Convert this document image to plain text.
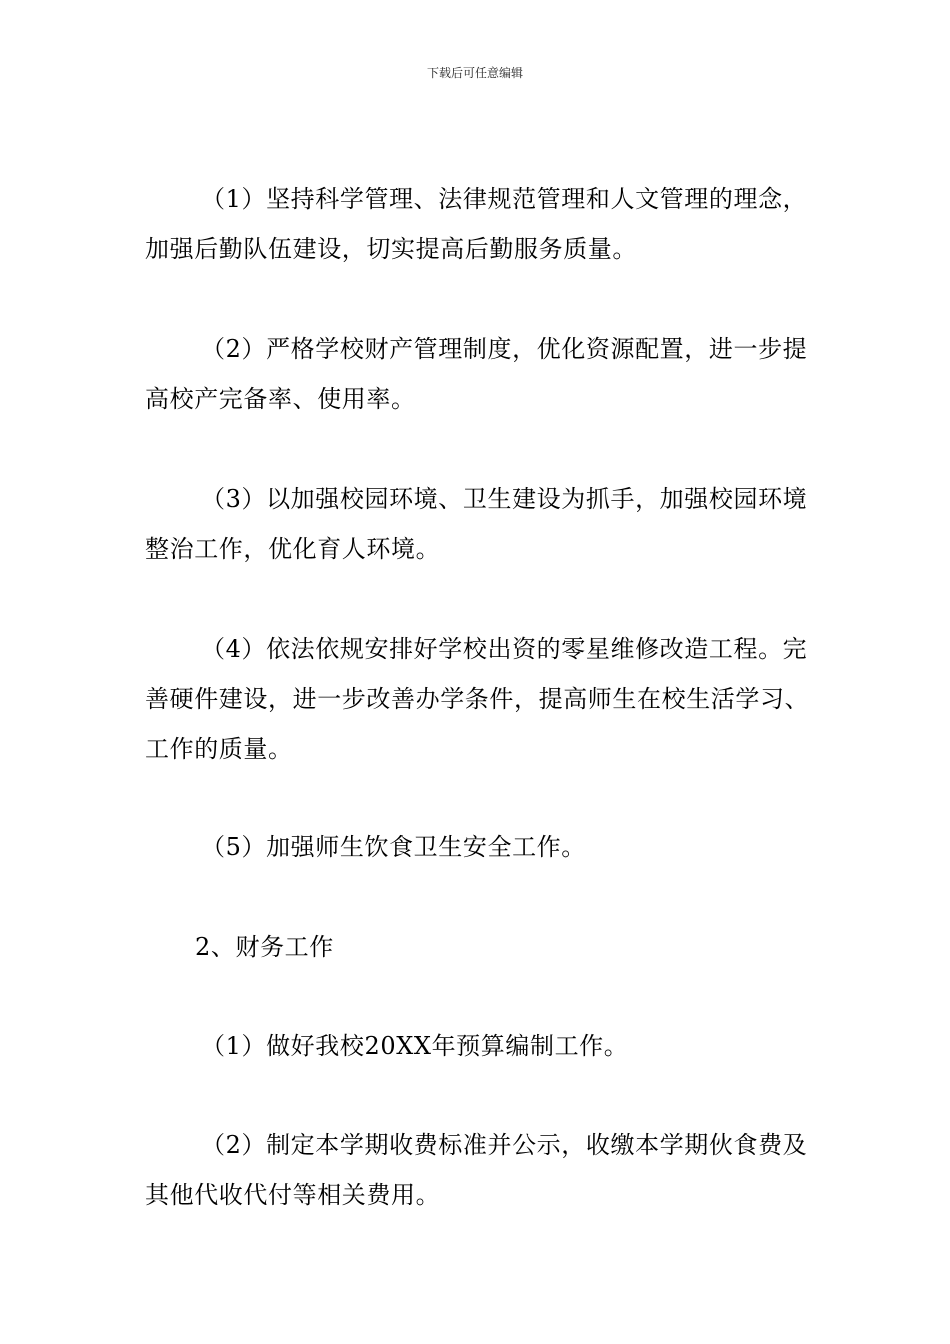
下载后可任意编辑

（1）坚持科学管理、法律规范管理和人文管理的理念，加强后勤队伍建设，切实提高后勤服务质量。

（2）严格学校财产管理制度，优化资源配置，进一步提高校产完备率、使用率。

（3）以加强校园环境、卫生建设为抓手，加强校园环境整治工作，优化育人环境。

（4）依法依规安排好学校出资的零星维修改造工程。完善硬件建设，进一步改善办学条件，提高师生在校生活学习、工作的质量。

（5）加强师生饮食卫生安全工作。

2、财务工作

（1）做好我校20XX年预算编制工作。

（2）制定本学期收费标准并公示，收缴本学期伙食费及其他代收代付等相关费用。
